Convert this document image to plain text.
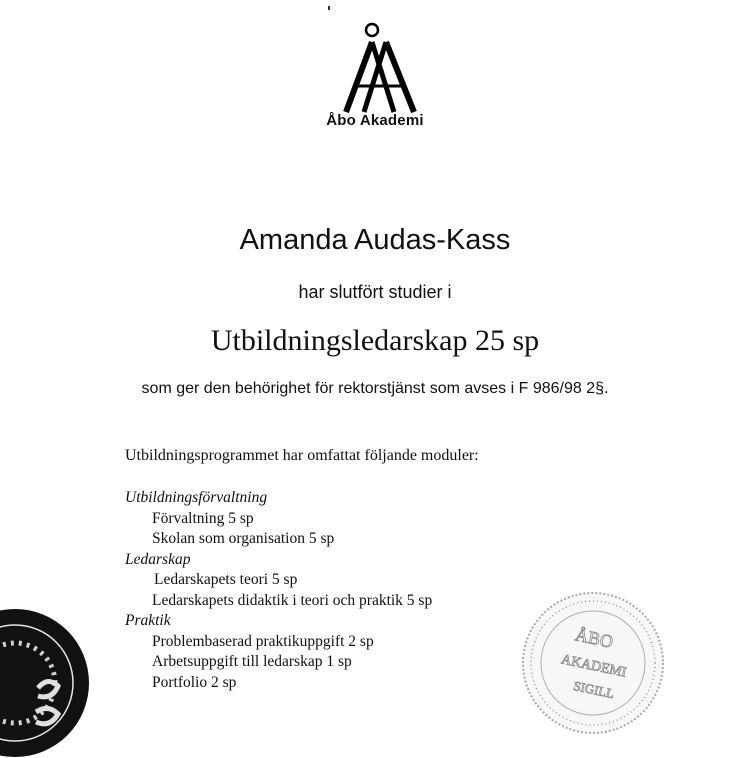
Åbo Akademi
Amanda Audas-Kass
har slutfört studier i
Utbildningsledarskap 25 sp
som ger den behörighet för rektorstjänst som avses i F 986/98 2§.
Utbildningsprogrammet har omfattat följande moduler:
Utbildningsförvaltning
Förvaltning 5 sp
Skolan som organisation 5 sp
Ledarskap
Ledarskapets teori 5 sp
Ledarskapets didaktik i teori och praktik 5 sp
Praktik
Problembaserad praktikuppgift 2 sp
Arbetsuppgift till ledarskap 1 sp
Portfolio 2 sp
ÅBO
AKADEMI
SIGILL
